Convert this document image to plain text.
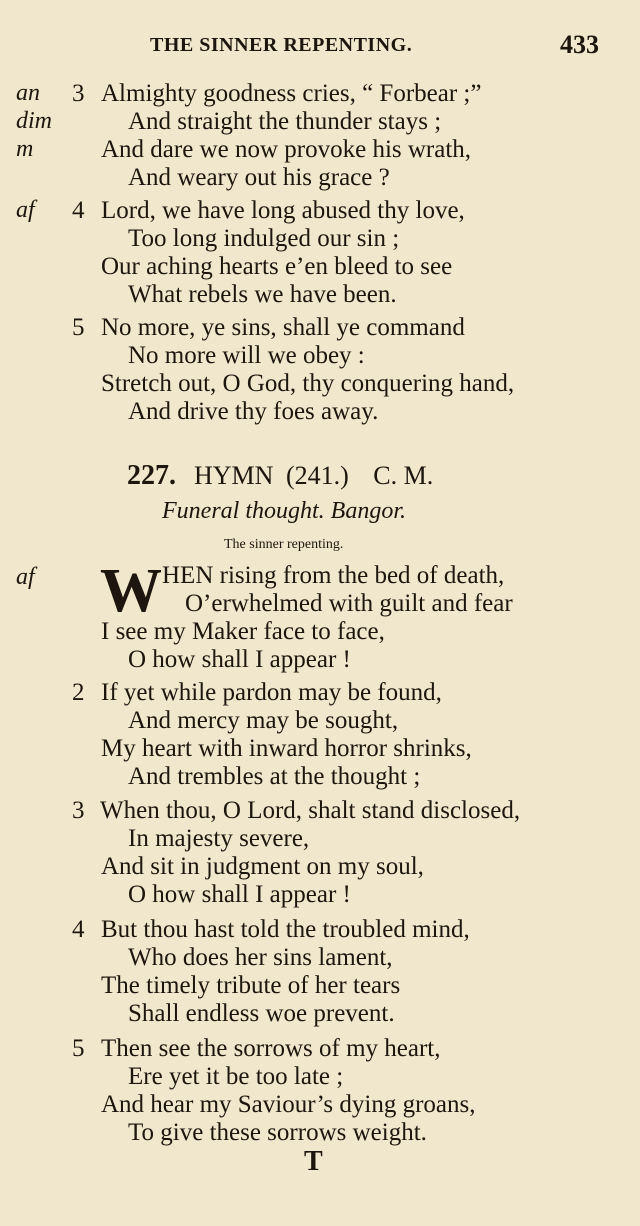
THE SINNER REPENTING.	433
an 3 Almighty goodness cries, “ Forbear ;”
dim	And straight the thunder stays ;
m	And dare we now provoke his wrath,
And weary out his grace ?
af 4 Lord, we have long abused thy love,
Too long indulged our sin ;
Our aching hearts e’en bleed to see
What rebels we have been.
5 No more, ye sins, shall ye command
No more will we obey :
Stretch out, O God, thy conquering hand,
And drive thy foes away.
227. HYMN (241.) C. M.
Funeral thought. Bangor.
The sinner repenting.
af W HEN rising from the bed of death,
O’erwhelmed with guilt and fear
I see my Maker face to face,
O how shall I appear !
2 If yet while pardon may be found,
And mercy may be sought,
My heart with inward horror shrinks,
And trembles at the thought ;
3 When thou, O Lord, shalt stand disclosed,
In majesty severe,
And sit in judgment on my soul,
O how shall I appear !
4 But thou hast told the troubled mind,
Who does her sins lament,
The timely tribute of her tears
Shall endless woe prevent.
5 Then see the sorrows of my heart,
Ere yet it be too late ;
And hear my Saviour’s dying groans,
To give these sorrows weight.
T
